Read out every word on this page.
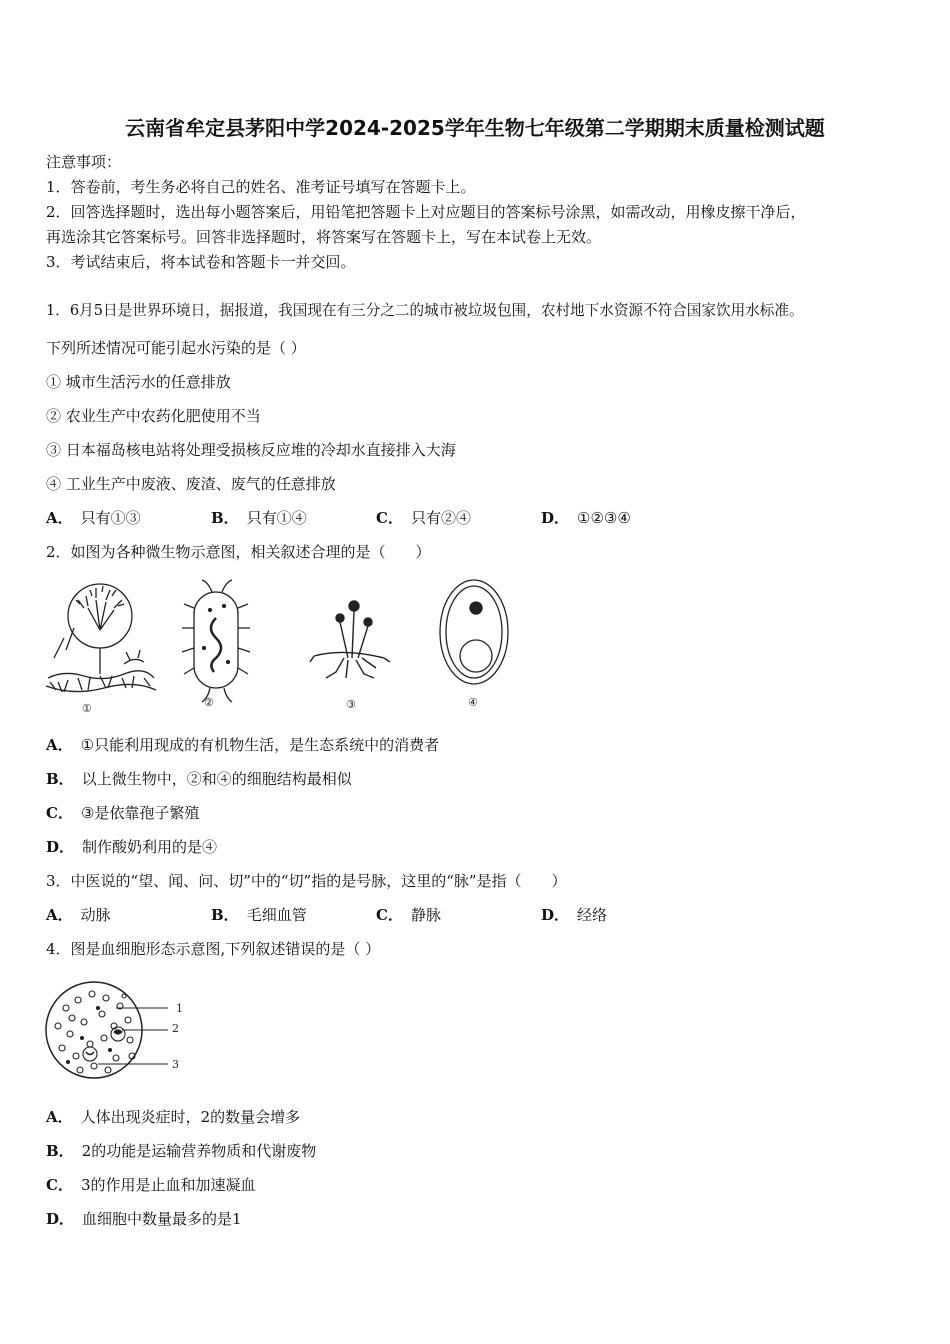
云南省牟定县茅阳中学2024-2025学年生物七年级第二学期期末质量检测试题
注意事项：
1．答卷前，考生务必将自己的姓名、准考证号填写在答题卡上。
2．回答选择题时，选出每小题答案后，用铅笔把答题卡上对应题目的答案标号涂黑，如需改动，用橡皮擦干净后，
再选涂其它答案标号。回答非选择题时，将答案写在答题卡上，写在本试卷上无效。
3．考试结束后，将本试卷和答题卡一并交回。
1．6月5日是世界环境日，据报道，我国现在有三分之二的城市被垃圾包围，农村地下水资源不符合国家饮用水标准。
下列所述情况可能引起水污染的是（ ）
① 城市生活污水的任意排放
② 农业生产中农药化肥使用不当
③ 日本福岛核电站将处理受损核反应堆的冷却水直接排入大海
④ 工业生产中废液、废渣、废气的任意排放
A． 只有①③	B． 只有①④	C． 只有②④	D． ①②③④
2．如图为各种微生物示意图，相关叙述合理的是（　　）
①	②	③	④
A． ①只能利用现成的有机物生活，是生态系统中的消费者
B． 以上微生物中，②和④的细胞结构最相似
C． ③是依靠孢子繁殖
D． 制作酸奶利用的是④
3．中医说的“望、闻、问、切”中的“切”指的是号脉，这里的“脉”是指（　　）
A． 动脉	B． 毛细血管	C． 静脉	D． 经络
4．图是血细胞形态示意图,下列叙述错误的是（ ）
1
2
3
A． 人体出现炎症时，2的数量会增多
B． 2的功能是运输营养物质和代谢废物
C． 3的作用是止血和加速凝血
D． 血细胞中数量最多的是1
